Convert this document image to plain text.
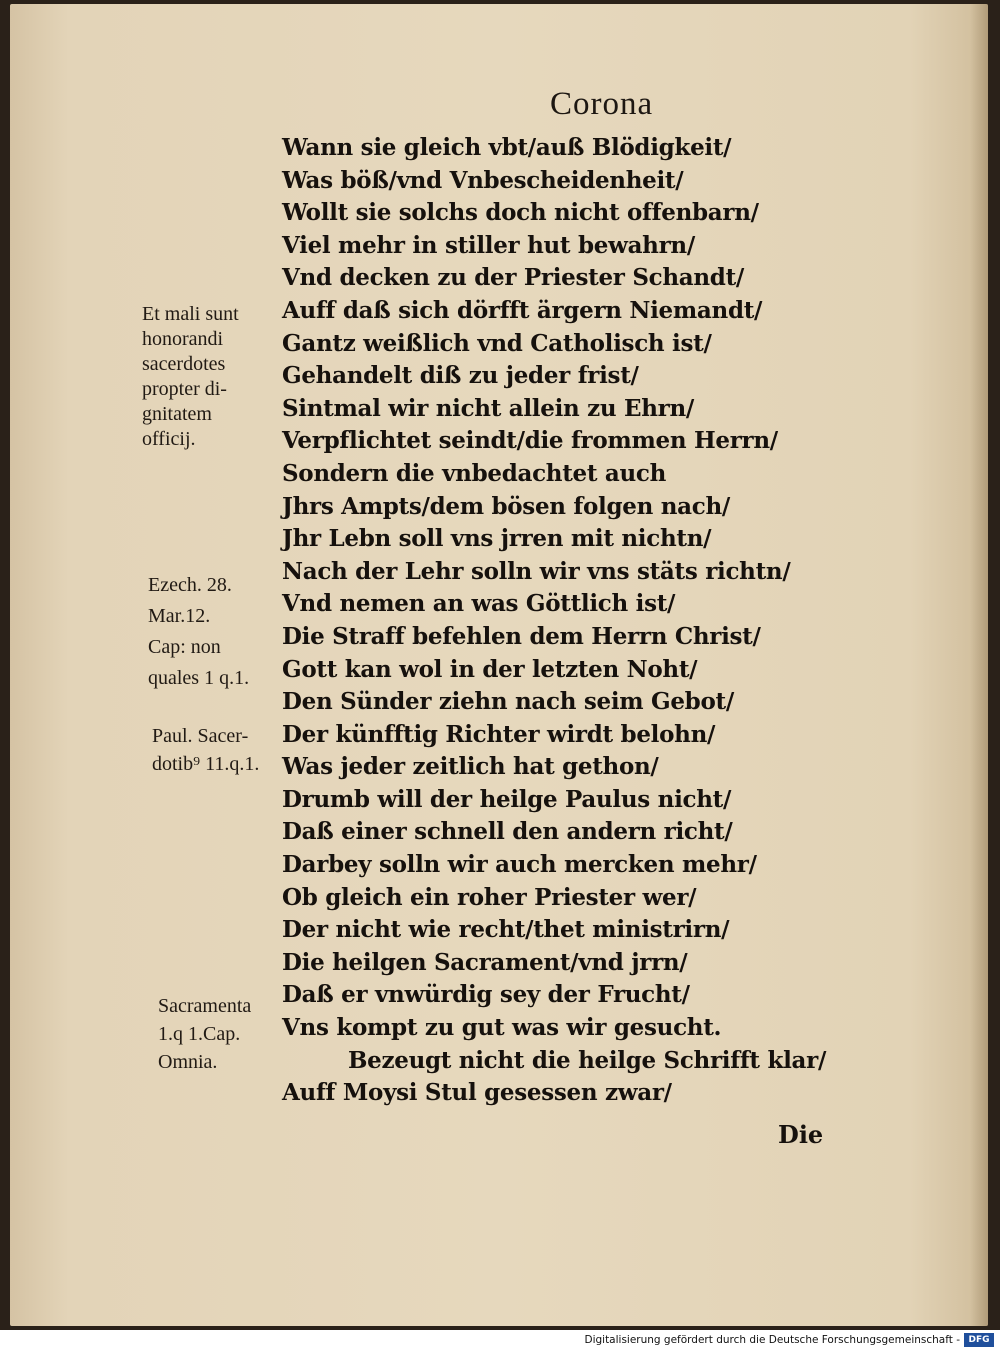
Corona
Wann sie gleich vbt/auß Blödigkeit/
Was böß/vnd Vnbescheidenheit/
Wollt sie solchs doch nicht offenbarn/
Viel mehr in stiller hut bewahrn/
Vnd decken zu der Priester Schandt/
Auff daß sich dörfft ärgern Niemandt/
Gantz weißlich vnd Catholisch ist/
Gehandelt diß zu jeder frist/
Sintmal wir nicht allein zu Ehrn/
Verpflichtet seindt/die frommen Herrn/
Sondern die vnbedachtet auch
Jhrs Ampts/dem bösen folgen nach/
Jhr Lebn soll vns jrren mit nichtn/
Nach der Lehr solln wir vns stäts richtn/
Vnd nemen an was Göttlich ist/
Die Straff befehlen dem Herrn Christ/
Gott kan wol in der letzten Noht/
Den Sünder ziehn nach seim Gebot/
Der künfftig Richter wirdt belohn/
Was jeder zeitlich hat gethon/
Drumb will der heilge Paulus nicht/
Daß einer schnell den andern richt/
Darbey solln wir auch mercken mehr/
Ob gleich ein roher Priester wer/
Der nicht wie recht/thet ministrirn/
Die heilgen Sacrament/vnd jrrn/
Daß er vnwürdig sey der Frucht/
Vns kompt zu gut was wir gesucht.
Bezeugt nicht die heilge Schrifft klar/
Auff Moysi Stul gesessen zwar/
Die
Et mali sunt
honorandi
sacerdotes
propter di-
gnitatem
officij.
Ezech. 28.
Mar.12.
Cap: non
quales 1 q.1.
Paul. Sacer-
dotib⁹ 11.q.1.
Sacramenta
1.q 1.Cap.
Omnia.
Digitalisierung gefördert durch die Deutsche Forschungsgemeinschaft - DFG
